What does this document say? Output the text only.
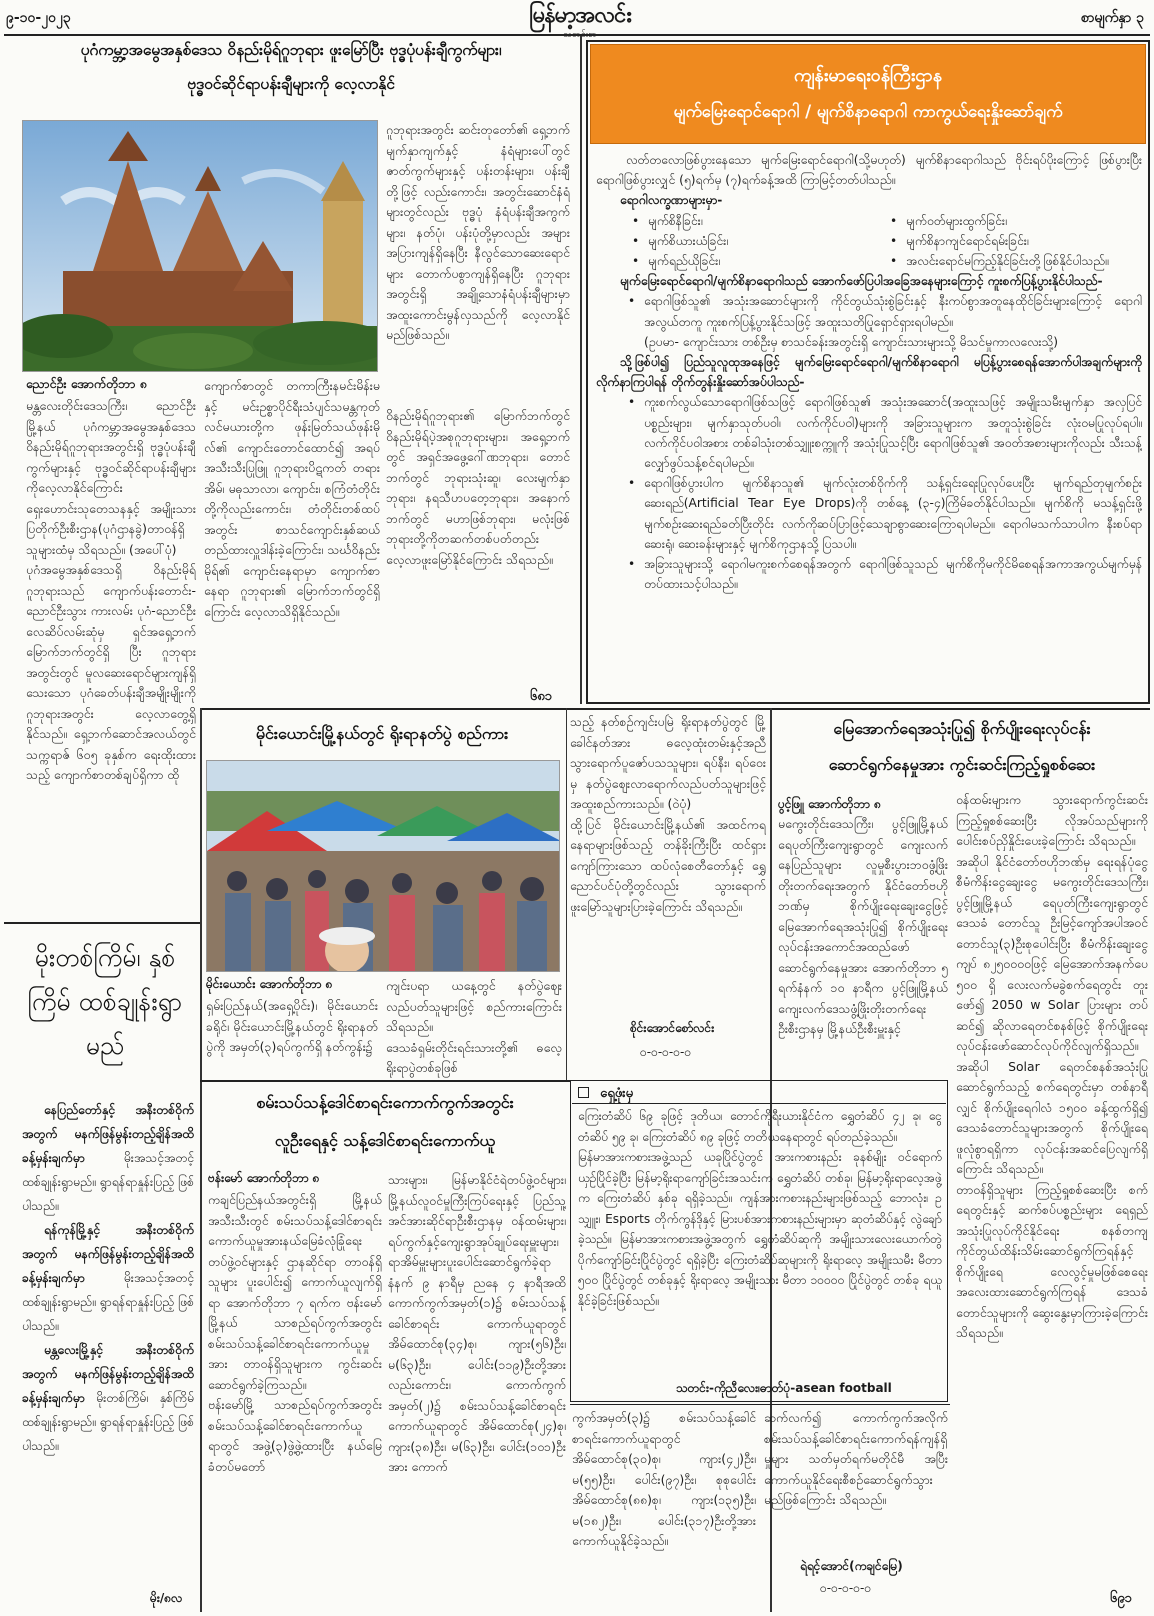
၉-၁၀-၂၀၂၃	မြန်မာ့အလင်း	စာမျက်နှာ ၃
ပုဂံကမ္ဘာ့အမွေအနှစ်ဒေသ ဝိနည်းမိုရ်ဂူဘုရား ဖူးမြော်ပြီး ဗုဒ္ဓပုံပန်းချီကွက်များ၊
ဗုဒ္ဓဝင်ဆိုင်ရာပန်းချီများကို လေ့လာနိုင်
ဂူဘုရားအတွင်း ဆင်းတုတော်၏ ရှေ့ဘက်မျက်နှာကျက်နှင့် နံရံများပေါ်တွင် ဇာတ်ကွက်များနှင့် ပန်းတန်းများ၊ ပန်းချီတို့ဖြင့် လည်းကောင်း၊ အတွင်းဆောင်နံရံများတွင်လည်း ဗုဒ္ဓပုံ နံရံပန်းချီအကွက်များ၊ နတ်ပုံ၊ ပန်းပုံတို့မှာလည်း အများအပြားကျန်ရှိနေပြီး နီလွင်သောဆေးရောင်များ တောက်ပစွာကျန်ရှိနေပြီး ဂူဘုရားအတွင်းရှိ အချို့သောနံရံပန်းချီများမှာ အထူးကောင်းမွန်လှသည်ကို လေ့လာနိုင်မည်ဖြစ်သည်။
ညောင်ဦး အောက်တိုဘာ ၈
မန္တလေးတိုင်းဒေသကြီး၊ ညောင်ဦးမြို့နယ် ပုဂံကမ္ဘာ့အမွေအနှစ်ဒေသ ဝိနည်းမိုရ်ဂူဘုရားအတွင်းရှိ ဗုဒ္ဓပုံပန်းချီကွက်များနှင့် ဗုဒ္ဓဝင်ဆိုင်ရာပန်းချီများကိုလေ့လာနိုင်ကြောင်း ရှေးဟောင်းသုတေသနနှင့် အမျိုးသားပြတိုက်ဦးစီးဌာန(ပုဂံဌာနခွဲ)တာဝန်ရှိသူများထံမှ သိရသည်။ (အပေါ်ပုံ)
ပုဂံအမွေအနှစ်ဒေသရှိ ဝိနည်းမိုရ်ဂူဘုရားသည် ကျောက်ပန်းတောင်း-ညောင်ဦးသွား ကားလမ်း ပုဂံ-ညောင်ဦးလေဆိပ်လမ်းဆုံမှ ရှင်အရှေ့ဘက်မြောက်ဘက်တွင်ရှိ ပြီး ဂူဘုရားအတွင်းတွင် မူလဆေးရောင်များကျန်ရှိသေးသော ပုဂံခေတ်ပန်းချီအမျိုးမျိုးကို ဂူဘုရားအတွင်း လေ့လာတွေ့ရှိနိုင်သည်။ ရှေ့ဘက်ဆောင်အလယ်တွင် သက္ကရာဇ် ၆၀၅ ခုနှစ်က ရေးထိုးထားသည့် ကျောက်စာတစ်ချပ်ရှိကာ ထို
ကျောက်စာတွင် တကာကြီးနမင်းမိန်းမနှင့် မင်းဥစ္စာပိုင်ရီးသံပျင်သမန္တကုတ်လင်မယားတို့က ဖုန်းမြတ်သယ်ဖုန်းမိုလ်၏ ကျောင်းတောင်ထောင်၍ အရပ်အသီးသီးပြုဖြူ ဂူဘုရားပိဋကတ် တရားအိမ်၊ မဓုသာလာ၊ ကျောင်း၊ စကြံတံတိုင်းတို့ကိုလည်းကောင်း၊ တံတိုင်းတစ်ထပ်အတွင်း စာသင်ကျောင်းနှစ်ဆယ် တည်ထားလှူဒါန်းခဲ့ကြောင်း၊ သင်္ဃဝိနည်းမိုရ်၏ ကျောင်းနေရာမှာ ကျောက်စာနေရာ ဂူဘုရား၏ မြောက်ဘက်တွင်ရှိကြောင်း လေ့လာသိရှိနိုင်သည်။
ဝိနည်းမိုရ်ဂူဘုရား၏ မြောက်ဘက်တွင် ဝိနည်းမိုရ်ပဲ့အစုဂူဘုရားများ၊ အရှေ့ဘက်တွင် အရှင်အဖွေ့ဂေါ်ဏဘုရား၊ တောင်ဘက်တွင် ဘုရားသုံးဆူ၊ လေးမျက်နှာဘုရား၊ နရသီဟပတေ့ဘုရား၊ အနောက်ဘက်တွင် မဟာဖြစ်ဘုရား၊ မလုံးဖြစ်ဘုရားတို့ကိုတဆက်တစ်ပတ်တည်း လေ့လာဖူးမြော်နိုင်ကြောင်း သိရသည်။
၆၈၁
ကျန်းမာရေးဝန်ကြီးဌာန
မျက်မြေးရောင်ရောဂါ / မျက်စိနာရောဂါ ကာကွယ်ရေးနှိုးဆော်ချက်
လတ်တလောဖြစ်ပွားနေသော မျက်မြေးရောင်ရောဂါ(သို့မဟုတ်) မျက်စိနာရောဂါသည် ဗိုင်းရပ်ပိုးကြောင့် ဖြစ်ပွားပြီး ရောဂါဖြစ်ပွားလျှင် (၅)ရက်မှ (၇)ရက်ခန့်အထိ ကြာမြင့်တတ်ပါသည်။
ရောဂါလက္ခဏာများမှာ-
• မျက်စိနီခြင်း၊	• မျက်ဝတ်များထွက်ခြင်း၊
• မျက်စိယားယံခြင်း၊	• မျက်စိနာကျင်ရောင်ရမ်းခြင်း၊
• မျက်ရည်ယိုခြင်း၊	• အလင်းရောင်မကြည့်နိုင်ခြင်းတို့ဖြစ်နိုင်ပါသည်။
မျက်မြေးရောင်ရောဂါ/မျက်စိနာရောဂါသည် အောက်ဖော်ပြပါအခြေအနေများကြောင့် ကူးစက်ပြန့်ပွားနိုင်ပါသည်-
• ရောဂါဖြစ်သူ၏ အသုံးအဆောင်များကို ကိုင်တွယ်သုံးစွဲခြင်းနှင့် နီးကပ်စွာအတူနေထိုင်ခြင်းများကြောင့် ရောဂါအလွယ်တကူ ကူးစက်ပြန့်ပွားနိုင်သဖြင့် အထူးသတိပြုရှောင်ရှားရပါမည်။
(ဥပမာ- ကျောင်းသား တစ်ဦးမှ စာသင်ခန်းအတွင်းရှိ ကျောင်းသားများသို့ မိသင်မှုကာလလေးသို့)
သို့ဖြစ်ပါ၍ ပြည်သူလူထုအနေဖြင့် မျက်မြေးရောင်ရောဂါ/မျက်စိနာရောဂါ မပြန့်ပွားစေရန်အောက်ပါအချက်များကို လိုက်နာကြပါရန် တိုက်တွန်းနှိုးဆော်အပ်ပါသည်-
• ကူးစက်လွယ်သောရောဂါဖြစ်သဖြင့် ရောဂါဖြစ်သူ၏ အသုံးအဆောင်(အထူးသဖြင့် အမျိုးသမီးမျက်နှာ အလှပြင်ပစ္စည်းများ၊ မျက်နှာသုတ်ပဝါ၊ လက်ကိုင်ပဝါ)များကို အခြားသူများက အတူသုံးစွဲခြင်း လုံးဝမပြုလုပ်ရပါ။ လက်ကိုင်ပဝါအစား တစ်ခါသုံးတစ်သျှူးစက္ကူကို အသုံးပြုသင့်ပြီး ရောဂါဖြစ်သူ၏ အဝတ်အစားများကိုလည်း သီးသန့်လျှော်ဖွပ်သန့်စင်ရပါမည်။
• ရောဂါဖြစ်ပွားပါက မျက်စိနာသူ၏ မျက်လုံးတစ်ဝိုက်ကို သန့်ရှင်းရေးပြုလုပ်ပေးပြီး မျက်ရည်တုမျက်စဉ်း ဆေးရည်(Artificial Tear Eye Drops)ကို တစ်နေ့ (၃-၄)ကြိမ်ခတ်နိုင်ပါသည်။ မျက်စိကို မသန့်ရှင်းဖို့ မျက်စဉ်းဆေးရည်ခတ်ပြီးတိုင်း လက်ကိုဆပ်ပြာဖြင့်သေချာစွာဆေးကြောရပါမည်။ ရောဂါမသက်သာပါက နီးစပ်ရာဆေးရုံ၊ ဆေးခန်းများနှင့် မျက်စိကုဌာနသို့ ပြသပါ။
• အခြားသူများသို့ ရောဂါမကူးစက်စေရန်အတွက် ရောဂါဖြစ်သူသည် မျက်စိကိုမကိုင်မိစေရန်အကာအကွယ်မျက်မှန် တပ်ထားသင့်ပါသည်။
မိုးတစ်ကြိမ်၊ နှစ်ကြိမ် ထစ်ချုန်းရွာမည်

နေပြည်တော်နှင့် အနီးတစ်ဝိုက်အတွက် မနက်ဖြန်မွန်းတည့်ချိန်အထိ ခန့်မှန်းချက်မှာ	မိုးအသင့်အတင့် ထစ်ချုန်းရွာမည်။ ရွာရန်ရာနှုန်းပြည့် ဖြစ်ပါသည်။

ရန်ကုန်မြို့နှင့် အနီးတစ်ဝိုက်အတွက် မနက်ဖြန်မွန်းတည့်ချိန်အထိ ခန့်မှန်းချက်မှာ	မိုးအသင့်အတင့် ထစ်ချုန်းရွာမည်။ ရွာရန်ရာနှုန်းပြည့် ဖြစ်ပါသည်။

မန္တလေးမြို့နှင့် အနီးတစ်ဝိုက်အတွက် မနက်ဖြန်မွန်းတည့်ချိန်အထိ ခန့်မှန်းချက်မှာ မိုးတစ်ကြိမ်၊ နှစ်ကြိမ် ထစ်ချုန်းရွာမည်။ ရွာရန်ရာနှုန်းပြည့် ဖြစ်ပါသည်။

မိုး/၈လ
မိုင်းယောင်းမြို့နယ်တွင် ရိုးရာနတ်ပွဲ စည်ကား
မိုင်းယောင်း အောက်တိုဘာ ၈
ရှမ်းပြည်နယ်(အရှေ့ပိုင်း)၊ မိုင်းယောင်းခရိုင်၊ မိုင်းယောင်းမြို့နယ်တွင် ရိုးရာနတ်ပွဲကို အမှတ်(၃)ရပ်ကွက်ရှိ နတ်ကွန်း၌
ကျင်းပရာ ယနေ့တွင် နတ်ပွဲဈေးလည်ပတ်သူများဖြင့် စည်ကားကြောင်း သိရသည်။
ဒေသခံရှမ်းတိုင်းရင်းသားတို့၏ ဓလေ့ရိုးရာပွဲတစ်ခုဖြစ်
သည့် နတ်စဉ်ကျင်းပမြဲ ရိုးရာနတ်ပွဲတွင် မြို့ခေါင်နတ်အား ဓလေ့ထုံးတမ်းနှင့်အညီ သွားရောက်ပူဇော်ပသသူများ၊ ရပ်နီး၊ ရပ်ဝေးမှ နတ်ပွဲဈေးလာရောက်လည်ပတ်သူများဖြင့် အထူးစည်ကားသည်။ (ဝဲပုံ)
ထို့ပြင် မိုင်းယောင်းမြို့နယ်၏ အထင်ကရနေရာများဖြစ်သည့် တန်ခိုးကြီးပြီး ထင်ရှားကျော်ကြားသော ထပ်လုံစေတီတော်နှင့် ရွှေညောင်ပင်ပုံတို့တွင်လည်း သွားရောက် ဖူးမြော်သူများပြားခဲ့ကြောင်း သိရသည်။
စိုင်းအောင်စော်လင်း
၀-၀-၀-၀-၀
မြေအောက်ရေအသုံးပြု၍ စိုက်ပျိုးရေးလုပ်ငန်း
ဆောင်ရွက်နေမှုအား ကွင်းဆင်းကြည့်ရှုစစ်ဆေး
ပွင့်ဖြူ အောက်တိုဘာ ၈
မကွေးတိုင်းဒေသကြီး၊ ပွင့်ဖြူမြို့နယ် ရေပုတ်ကြီးကျေးရွာတွင် ကျေးလက်နေပြည်သူများ လူမှုစီးပွားဘဝဖွံ့ဖြိုးတိုးတက်ရေးအတွက် နိုင်ငံတော်ဗဟိုဘဏ်မှ စိုက်ပျိုးရေးချေးငွေဖြင့် မြေအောက်ရေအသုံးပြု၍ စိုက်ပျိုးရေးလုပ်ငန်းအကောင်အထည်ဖော်ဆောင်ရွက်နေမှုအား အောက်တိုဘာ ၅ ရက်နံနက် ၁၀ နာရီက ပွင့်ဖြူမြို့နယ်ကျေးလက်ဒေသဖွံ့ဖြိုးတိုးတက်ရေးဦးစီးဌာနမှ မြို့နယ်ဦးစီးမှူးနှင့်
ရဲရင့်အောင်(ကချင်မြေ)
၀-၀-၀-၀-၀
ဝန်ထမ်းများက သွားရောက်ကွင်းဆင်းကြည့်ရှုစစ်ဆေးပြီး လိုအပ်သည်များကို ပေါင်းစပ်ညှိနှိုင်းပေးခဲ့ကြောင်း သိရသည်။
အဆိုပါ နိုင်ငံတော်ဗဟိုဘဏ်မှ ရေးရန်ပုံငွေစီမံကိန်းငွေချေးငွေ မကွေးတိုင်းဒေသကြီး၊ ပွင့်ဖြူမြို့နယ် ရေပုတ်ကြီးကျေးရွာတွင် ဒေသခံ တောင်သူ ဦးမြင့်ကျော်အပါအဝင် တောင်သူ(၃)ဦးစုပေါင်းပြီး စီမံကိန်းချေးငွေကျပ် ၈၂၅၀၀၀၀ဖြင့် မြေအောက်အနက်ပေ ၅၀၀ ရှိ လေးလက်မခွဲစက်ရေတွင်း တူးဖော်၍ 2050 w Solar ပြားများ တပ်ဆင်၍ ဆိုလာရေတင်စနစ်ဖြင့် စိုက်ပျိုးရေးလုပ်ငန်းဖော်ဆောင်လုပ်ကိုင်လျက်ရှိသည်။ အဆိုပါ Solar ရေတင်စနစ်အသုံးပြုဆောင်ရွက်သည့် စက်ရေတွင်းမှာ တစ်နာရီလျှင် စိုက်ပျိုးရေဂါလံ ၁၅၀၀ ခန့်ထွက်ရှိ၍ ဒေသခံတောင်သူများအတွက် စိုက်ပျိုးရေ ဖူလုံစွာရရှိကာ လုပ်ငန်းအဆင်ပြေလျက်ရှိကြောင်း သိရသည်။
တာဝန်ရှိသူများ ကြည့်ရှုစစ်ဆေးပြီး စက်ရေတွင်းနှင့် ဆက်စပ်ပစ္စည်းများ ရေရှည်အသုံးပြုလုပ်ကိုင်နိုင်ရေး စနစ်တကျကိုင်တွယ်ထိန်းသိမ်းဆောင်ရွက်ကြရန်နှင့် စိုက်ပျိုးရေ လေလွင့်မှုမဖြစ်စေရေး အလေးထားဆောင်ရွက်ကြရန် ဒေသခံတောင်သူများကို ဆွေးနွေးမှာကြားခဲ့ကြောင်း သိရသည်။
၆၉၁
ရှေ့ဖုံးမှ
ကြေးတံဆိပ် ၆၉ ခုဖြင့် ဒုတိယ၊ တောင်ကိုရီးယားနိုင်ငံက ရွှေတံဆိပ် ၄၂ ခု၊ ငွေတံဆိပ် ၅၉ ခု၊ ကြေးတံဆိပ် ၈၉ ခုဖြင့် တတိယနေရာတွင် ရပ်တည်ခဲ့သည်။
မြန်မာအားကစားအဖွဲ့သည် ယခုပြိုင်ပွဲတွင် အားကစားနည်း ခုနစ်မျိုး ဝင်ရောက်ယှဉ်ပြိုင်ခဲ့ပြီး မြန်မာ့ရိုးရာကျော်ခြင်းအသင်းက ရွှေတံဆိပ် တစ်ခု၊ မြန်မာ့ရိုးရာလေ့အဖွဲ့က ကြေးတံဆိပ် နှစ်ခု ရရှိခဲ့သည်။ ကျန်အားကစားနည်းများဖြစ်သည့် ဘောလုံး၊ ဥသျှူး၊ Esports တိုက်ကွန်ဒိုနှင့် မြားပစ်အားကစားနည်းများမှာ ဆုတံဆိပ်နှင့် လွဲချော်ခဲ့သည်။ မြန်မာအားကစားအဖွဲ့အတွက် ရွှေတံဆိပ်ဆုကို အမျိုးသားလေးယောက်တွဲ ပိုက်ကျော်ခြင်းပြိုင်ပွဲတွင် ရရှိခဲ့ပြီး ကြေးတံဆိပ်ဆုများကို ရိုးရာလေ့ အမျိုးသမီး မီတာ ၅၀၀ ပြိုင်ပွဲတွင် တစ်ခုနှင့် ရိုးရာလေ့ အမျိုးသား မီတာ ၁၀၀၀၀ ပြိုင်ပွဲတွင် တစ်ခု ရယူနိုင်ခဲ့ခြင်းဖြစ်သည်။
သတင်း-ကိုညီလေး၊ဓာတ်ပုံ-asean football
စမ်းသပ်သန့်ဒေါင်စာရင်းကောက်ကွက်အတွင်း
လူဦးရေနှင့် သန့်ဒေါင်စာရင်းကောက်ယူ
ဗန်းမော် အောက်တိုဘာ ၈
ကချင်ပြည်နယ်အတွင်းရှိ မြို့နယ်အသီးသီးတွင် စမ်းသပ်သန့်ဒေါင်စာရင်းကောက်ယူမှုအားနယ်မြေခံလုံခြုံရေးတပ်ဖွဲ့ဝင်များနှင့် ဌာနဆိုင်ရာ တာဝန်ရှိသူများ ပူးပေါင်း၍ ကောက်ယူလျက်ရှိရာ အောက်တိုဘာ ၇ ရက်က ဗန်းမော်မြို့နယ် သာစည်ရပ်ကွက်အတွင်း စမ်းသပ်သန့်ခေါင်စာရင်းကောက်ယူမှုအား တာဝန်ရှိသူများက ကွင်းဆင်းဆောင်ရွက်ခဲ့ကြသည်။
ဗန်းမော်မြို့ သာစည်ရပ်ကွက်အတွင်း စမ်းသပ်သန့်ခေါင်စာရင်းကောက်ယူရာတွင် အဖွဲ့(၃)ဖွဲ့ဖွဲ့ထားပြီး နယ်မြေခံတပ်မတော်
သားများ၊ မြန်မာနိုင်ငံရဲတပ်ဖွဲ့ဝင်များ၊ မြို့နယ်လူဝင်မှုကြီးကြပ်ရေးနှင့် ပြည်သူ့အင်အားဆိုင်ရာဦးစီးဌာနမှ ဝန်ထမ်းများ၊ ရပ်ကွက်နှင့်ကျေးရွာအုပ်ချုပ်ရေးမှူးများ၊ ရာအိမ်မှူးများပူးပေါင်းဆောင်ရွက်ခဲ့ရာ နံနက် ၉ နာရီမှ ညနေ ၄ နာရီအထိ ကောက်ကွက်အမှတ်(၁)၌ စမ်းသပ်သန့်ခေါင်စာရင်း ကောက်ယူရာတွင် အိမ်ထောင်စု(၃၄)စု၊ ကျား(၅၆)ဦး၊ မ(၆၃)ဦး၊ ပေါင်း(၁၁၉)ဦးတို့အား လည်းကောင်း၊ ကောက်ကွက်အမှတ်(၂)၌ စမ်းသပ်သန့်ခေါင်စာရင်းကောက်ယူရာတွင် အိမ်ထောင်စု(၂၄)စု၊ ကျား(၃၈)ဦး၊ မ(၆၃)ဦး၊ ပေါင်း(၁၀၁)ဦးအား ကောက်
ကွက်အမှတ်(၃)၌ စမ်းသပ်သန့်ခေါင်စာရင်းကောက်ယူရာတွင် အိမ်ထောင်စု(၃၀)စု၊ ကျား(၄၂)ဦး၊ မ(၅၅)ဦး၊ ပေါင်း(၉၇)ဦး၊ စုစုပေါင်း အိမ်ထောင်စု(၈၈)စု၊ ကျား(၁၃၅)ဦး၊ မ(၁၈၂)ဦး၊ ပေါင်း(၃၁၇)ဦးတို့အား ကောက်ယူနိုင်ခဲ့သည်။
ဆက်လက်၍ ကောက်ကွက်အလိုက် စမ်းသပ်သန့်ခေါင်စာရင်းကောက်ရန်ကျန်ရှိမှုများ သတ်မှတ်ရက်မတိုင်မီ အပြီးကောက်ယူနိုင်ရေးစီစဉ်ဆောင်ရွက်သွားမည်ဖြစ်ကြောင်း သိရသည်။
